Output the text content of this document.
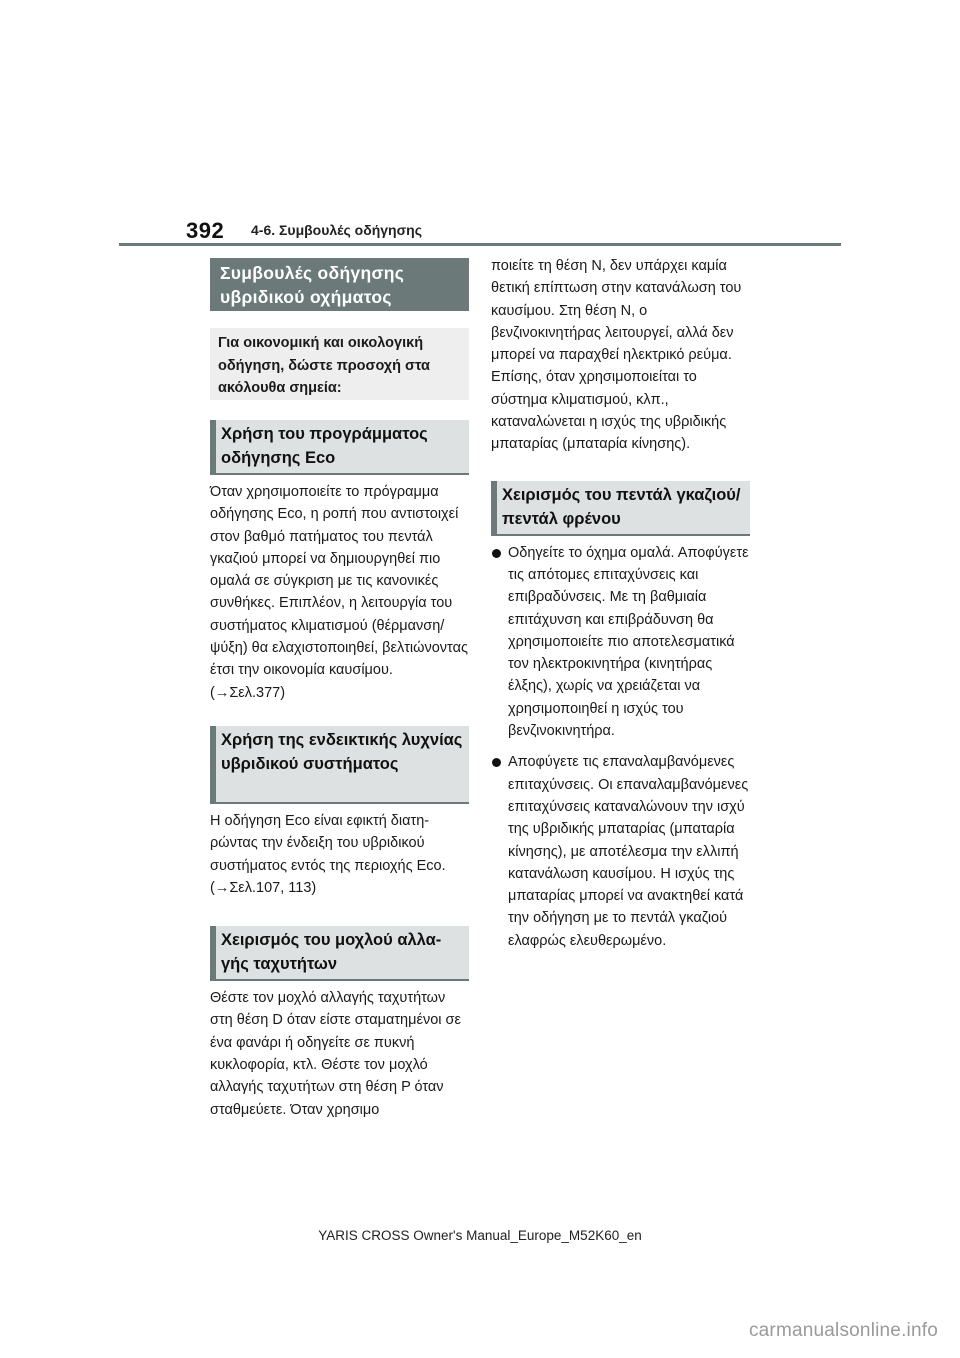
392 4-6. Συμβουλές οδήγησης
Συμβουλές οδήγησης υβριδικού οχήματος
Για οικονομική και οικολογική οδήγηση, δώστε προσοχή στα ακόλουθα σημεία:
Χρήση του προγράμματος οδήγησης Eco

Όταν χρησιμοποιείτε το πρόγραμμα οδήγησης Eco, η ροπή που αντιστοιχεί στον βαθμό πατήματος του πεντάλ γκαζιού μπορεί να δημιουργηθεί πιο ομαλά σε σύγκριση με τις κανονικές συνθήκες. Επιπλέον, η λειτουργία του συστήματος κλιματισμού (θέρμανση/ψύξη) θα ελαχιστοποιηθεί, βελτιώνοντας έτσι την οικονομία καυσίμου. (→Σελ.377)

Χρήση της ενδεικτικής λυχνίας υβριδικού συστήματος

Η οδήγηση Eco είναι εφικτή διατηρώντας την ένδειξη του υβριδικού συστήματος εντός της περιοχής Eco. (→Σελ.107, 113)

Χειρισμός του μοχλού αλλαγής ταχυτήτων

Θέστε τον μοχλό αλλαγής ταχυτήτων στη θέση D όταν είστε σταματημένοι σε ένα φανάρι ή οδηγείτε σε πυκνή κυκλοφορία, κτλ. Θέστε τον μοχλό αλλαγής ταχυτήτων στη θέση P όταν σταθμεύετε. Όταν χρησιμο

ποιείτε τη θέση N, δεν υπάρχει καμία θετική επίπτωση στην κατανάλωση του καυσίμου. Στη θέση N, ο βενζινοκινητήρας λειτουργεί, αλλά δεν μπορεί να παραχθεί ηλεκτρικό ρεύμα. Επίσης, όταν χρησιμοποιείται το σύστημα κλιματισμού, κλπ., καταναλώνεται η ισχύς της υβριδικής μπαταρίας (μπαταρία κίνησης).

Χειρισμός του πεντάλ γκαζιού/πεντάλ φρένου
Οδηγείτε το όχημα ομαλά. Αποφύγετε τις απότομες επιταχύνσεις και επιβραδύνσεις. Με τη βαθμιαία επιτάχυνση και επιβράδυνση θα χρησιμοποιείτε πιο αποτελεσματικά τον ηλεκτροκινητήρα (κινητήρας έλξης), χωρίς να χρειάζεται να χρησιμοποιηθεί η ισχύς του βενζινοκινητήρα.
Αποφύγετε τις επαναλαμβανόμενες επιταχύνσεις. Οι επαναλαμβανόμενες επιταχύνσεις καταναλώνουν την ισχύ της υβριδικής μπαταρίας (μπαταρία κίνησης), με αποτέλεσμα την ελλιπή κατανάλωση καυσίμου. Η ισχύς της μπαταρίας μπορεί να ανακτηθεί κατά την οδήγηση με το πεντάλ γκαζιού ελαφρώς ελευθερωμένο.
YARIS CROSS Owner's Manual_Europe_M52K60_en
carmanualsonline.info
